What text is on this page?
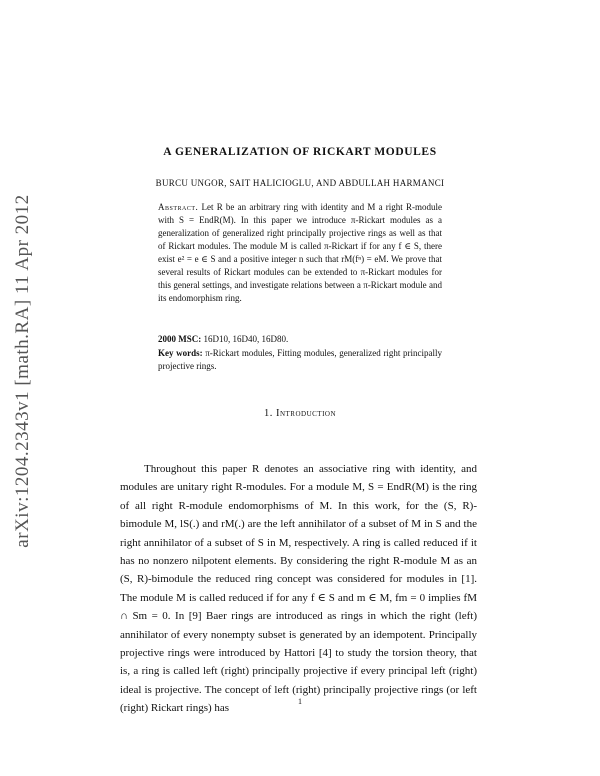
arXiv:1204.2343v1 [math.RA] 11 Apr 2012
A GENERALIZATION OF RICKART MODULES
BURCU UNGOR, SAIT HALICIOGLU, AND ABDULLAH HARMANCI
Abstract. Let R be an arbitrary ring with identity and M a right R-module with S = EndR(M). In this paper we introduce π-Rickart modules as a generalization of generalized right principally projective rings as well as that of Rickart modules. The module M is called π-Rickart if for any f ∈ S, there exist e² = e ∈ S and a positive integer n such that rM(fⁿ) = eM. We prove that several results of Rickart modules can be extended to π-Rickart modules for this general settings, and investigate relations between a π-Rickart module and its endomorphism ring.
2000 MSC: 16D10, 16D40, 16D80.
Key words: π-Rickart modules, Fitting modules, generalized right principally projective rings.
1. Introduction

Throughout this paper R denotes an associative ring with identity, and modules are unitary right R-modules. For a module M, S = EndR(M) is the ring of all right R-module endomorphisms of M. In this work, for the (S, R)-bimodule M, lS(.) and rM(.) are the left annihilator of a subset of M in S and the right annihilator of a subset of S in M, respectively. A ring is called reduced if it has no nonzero nilpotent elements. By considering the right R-module M as an (S, R)-bimodule the reduced ring concept was considered for modules in [1]. The module M is called reduced if for any f ∈ S and m ∈ M, fm = 0 implies fM ∩ Sm = 0. In [9] Baer rings are introduced as rings in which the right (left) annihilator of every nonempty subset is generated by an idempotent. Principally projective rings were introduced by Hattori [4] to study the torsion theory, that is, a ring is called left (right) principally projective if every principal left (right) ideal is projective. The concept of left (right) principally projective rings (or left (right) Rickart rings) has

1
